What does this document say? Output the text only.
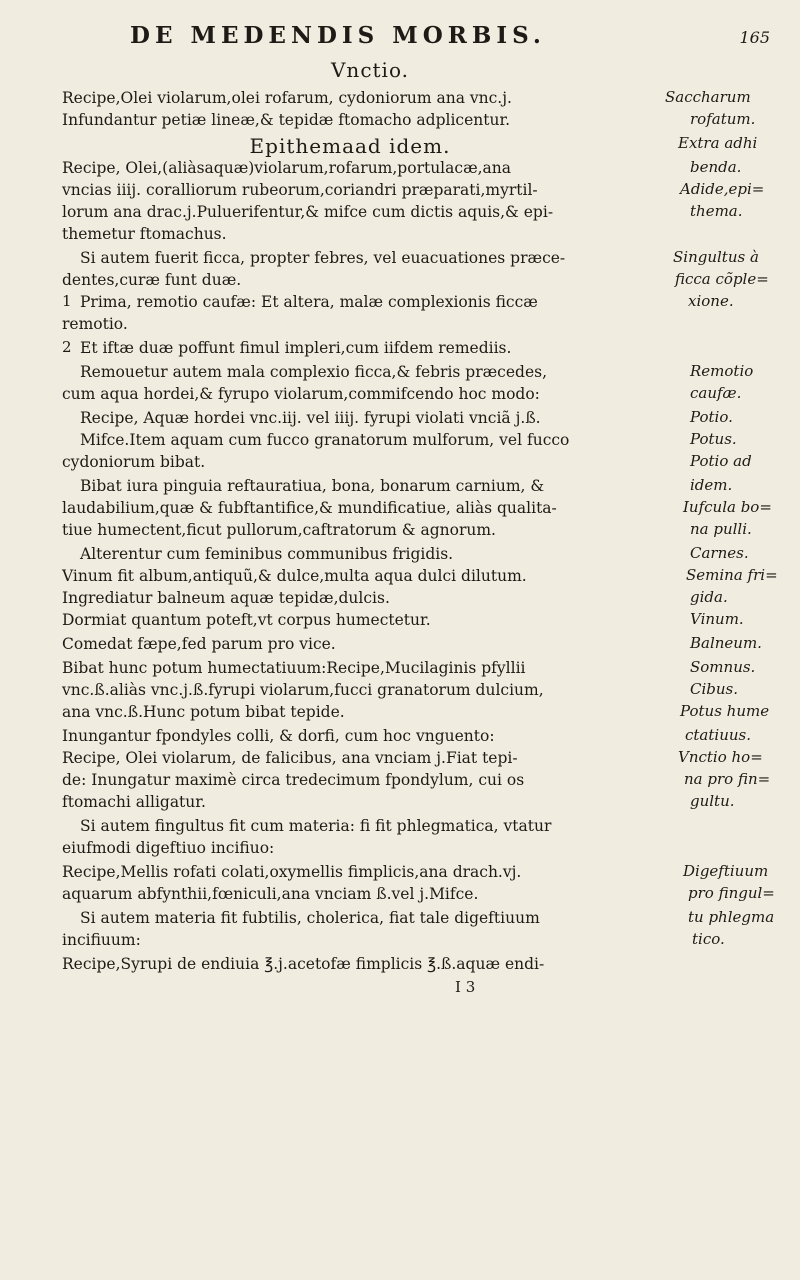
DE MEDENDIS MORBIS.	165
Vnctio.
Epithemaad idem.
Recipe,Olei violarum,olei rofarum, cydoniorum ana vnc.j.
Infundantur petiæ lineæ,& tepidæ ftomacho adplicentur.
Recipe, Olei,(aliàsaquæ)violarum,rofarum,portulacæ,ana
vncias iiij. coralliorum rubeorum,coriandri præparati,myrtil-
lorum ana drac.j.Puluerifentur,& mifce cum dictis aquis,& epi-
themetur ftomachus.
Si autem fuerit ficca, propter febres, vel euacuationes præce-
dentes,curæ funt duæ.
Prima, remotio caufæ: Et altera, malæ complexionis ficcæ
remotio.
Et iftæ duæ poffunt fimul impleri,cum iifdem remediis.
Remouetur autem mala complexio ficca,& febris præcedes,
cum aqua hordei,& fyrupo violarum,commifcendo hoc modo:
Recipe, Aquæ hordei vnc.iij. vel iiij. fyrupi violati vnciã j.ß.
Mifce.Item aquam cum fucco granatorum mulforum, vel fucco
cydoniorum bibat.
Bibat iura pinguia reftauratiua, bona, bonarum carnium, &
laudabilium,quæ & fubftantifice,& mundificatiue, aliàs qualita-
tiue humectent,ficut pullorum,caftratorum & agnorum.
Alterentur cum feminibus communibus frigidis.
Vinum fit album,antiquũ,& dulce,multa aqua dulci dilutum.
Ingrediatur balneum aquæ tepidæ,dulcis.
Dormiat quantum poteft,vt corpus humectetur.
Comedat fæpe,fed parum pro vice.
Bibat hunc potum humectatiuum:Recipe,Mucilaginis pfyllii
vnc.ß.aliàs vnc.j.ß.fyrupi violarum,fucci granatorum dulcium,
ana vnc.ß.Hunc potum bibat tepide.
Inungantur fpondyles colli, & dorfi, cum hoc vnguento:
Recipe, Olei violarum, de falicibus, ana vnciam j.Fiat tepi-
de: Inungatur maximè circa tredecimum fpondylum, cui os
ftomachi alligatur.
Si autem fingultus fit cum materia: fi fit phlegmatica, vtatur
eiufmodi digeftiuo incifiuo:
Recipe,Mellis rofati colati,oxymellis fimplicis,ana drach.vj.
aquarum abfynthii,fœniculi,ana vnciam ß.vel j.Mifce.
Si autem materia fit fubtilis, cholerica, fiat tale digeftiuum
incifiuum:
Recipe,Syrupi de endiuia ℥.j.acetofæ fimplicis ℥.ß.aquæ endi-
1
2
Saccharum
rofatum.
Extra adhi
benda.
Adide,epi=
thema.
Singultus à
ficca cõple=
xione.
Remotio
caufæ.
Potio.
Potus.
Potio ad
idem.
Iufcula bo=
na pulli.
Carnes.
Semina fri=
gida.
Vinum.
Balneum.
Somnus.
Cibus.
Potus hume
ctatiuus.
Vnctio ho=
na pro fin=
gultu.
Digeftiuum
pro fingul=
tu phlegma
tico.
I 3
